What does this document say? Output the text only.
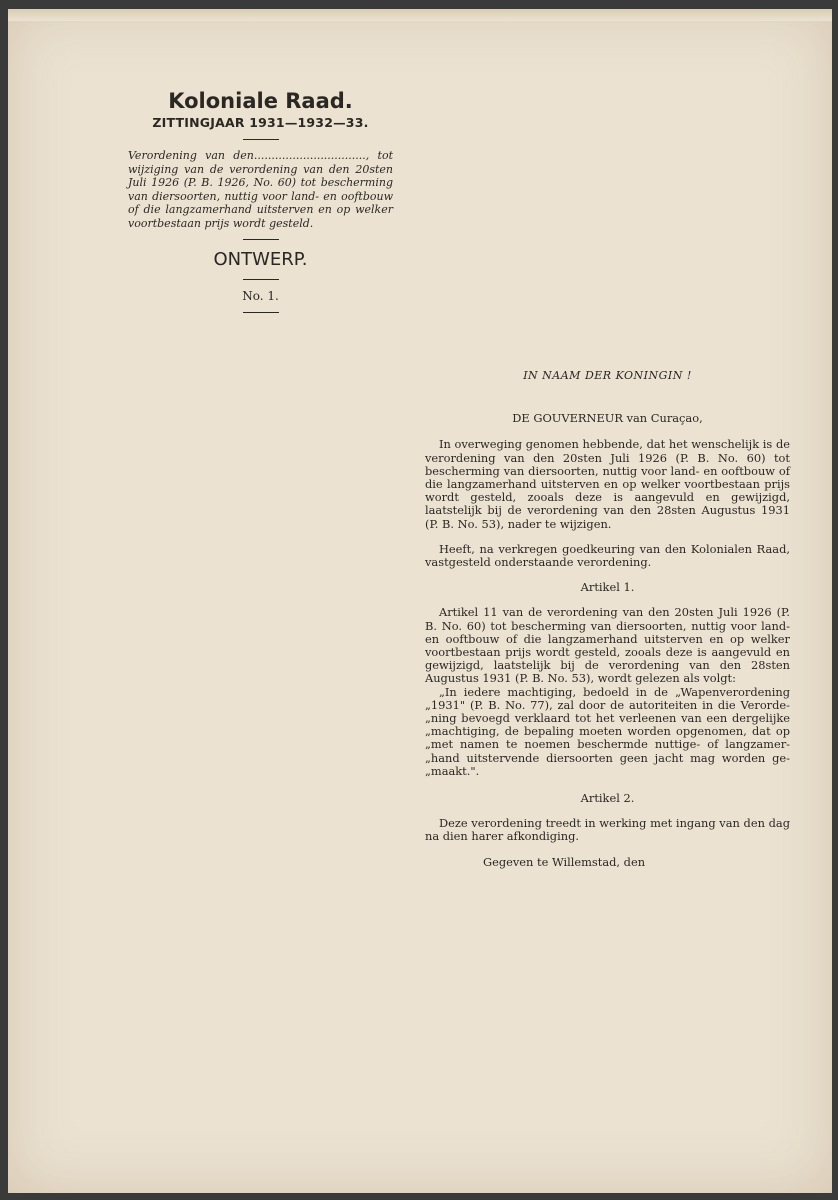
Koloniale Raad.
ZITTINGJAAR 1931—1932—33.

Verordening van den................................, tot wijziging van de verordening van den 20sten Juli 1926 (P. B. 1926, No. 60) tot bescherming van diersoorten, nuttig voor land- en ooftbouw of die langzamerhand uitsterven en op welker voortbestaan prijs wordt gesteld.

ONTWERP.
No. 1.

IN NAAM DER KONINGIN !

DE GOUVERNEUR van Curaçao,

In overweging genomen hebbende, dat het wenschelijk is de verordening van den 20sten Juli 1926 (P. B. No. 60) tot bescherming van diersoorten, nuttig voor land- en ooftbouw of die langzamerhand uitsterven en op welker voortbestaan prijs wordt gesteld, zooals deze is aangevuld en gewijzigd, laatstelijk bij de verordening van den 28sten Augustus 1931 (P. B. No. 53), nader te wijzigen.

Heeft, na verkregen goedkeuring van den Kolonialen Raad, vastgesteld onderstaande verordening.

Artikel 1.

Artikel 11 van de verordening van den 20sten Juli 1926 (P. B. No. 60) tot bescherming van diersoorten, nuttig voor land- en ooftbouw of die langzamerhand uitsterven en op welker voortbestaan prijs wordt gesteld, zooals deze is aangevuld en gewijzigd, laatstelijk bij de verordening van den 28sten Augustus 1931 (P. B. No. 53), wordt gelezen als volgt:

„In iedere machtiging, bedoeld in de „Wapenverordening „1931" (P. B. No. 77), zal door de autoriteiten in die Verorde-„ning bevoegd verklaard tot het verleenen van een dergelijke „machtiging, de bepaling moeten worden opgenomen, dat op „met namen te noemen beschermde nuttige- of langzamer-„hand uitstervende diersoorten geen jacht mag worden ge-„maakt.".

Artikel 2.

Deze verordening treedt in werking met ingang van den dag na dien harer afkondiging.

Gegeven te Willemstad, den
